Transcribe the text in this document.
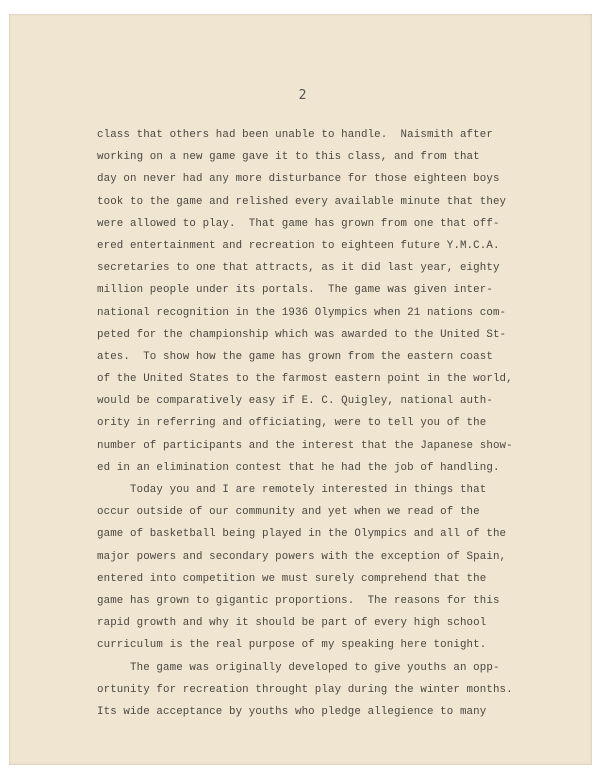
2
class that others had been unable to handle.  Naismith after
working on a new game gave it to this class, and from that
day on never had any more disturbance for those eighteen boys
took to the game and relished every available minute that they
were allowed to play.  That game has grown from one that off-
ered entertainment and recreation to eighteen future Y.M.C.A.
secretaries to one that attracts, as it did last year, eighty
million people under its portals.  The game was given inter-
national recognition in the 1936 Olympics when 21 nations com-
peted for the championship which was awarded to the United St-
ates.  To show how the game has grown from the eastern coast
of the United States to the farmost eastern point in the world,
would be comparatively easy if E. C. Quigley, national auth-
ority in referring and officiating, were to tell you of the
number of participants and the interest that the Japanese show-
ed in an elimination contest that he had the job of handling.
Today you and I are remotely interested in things that
occur outside of our community and yet when we read of the
game of basketball being played in the Olympics and all of the
major powers and secondary powers with the exception of Spain,
entered into competition we must surely comprehend that the
game has grown to gigantic proportions.  The reasons for this
rapid growth and why it should be part of every high school
curriculum is the real purpose of my speaking here tonight.
The game was originally developed to give youths an opp-
ortunity for recreation throught play during the winter months.
Its wide acceptance by youths who pledge allegience to many
